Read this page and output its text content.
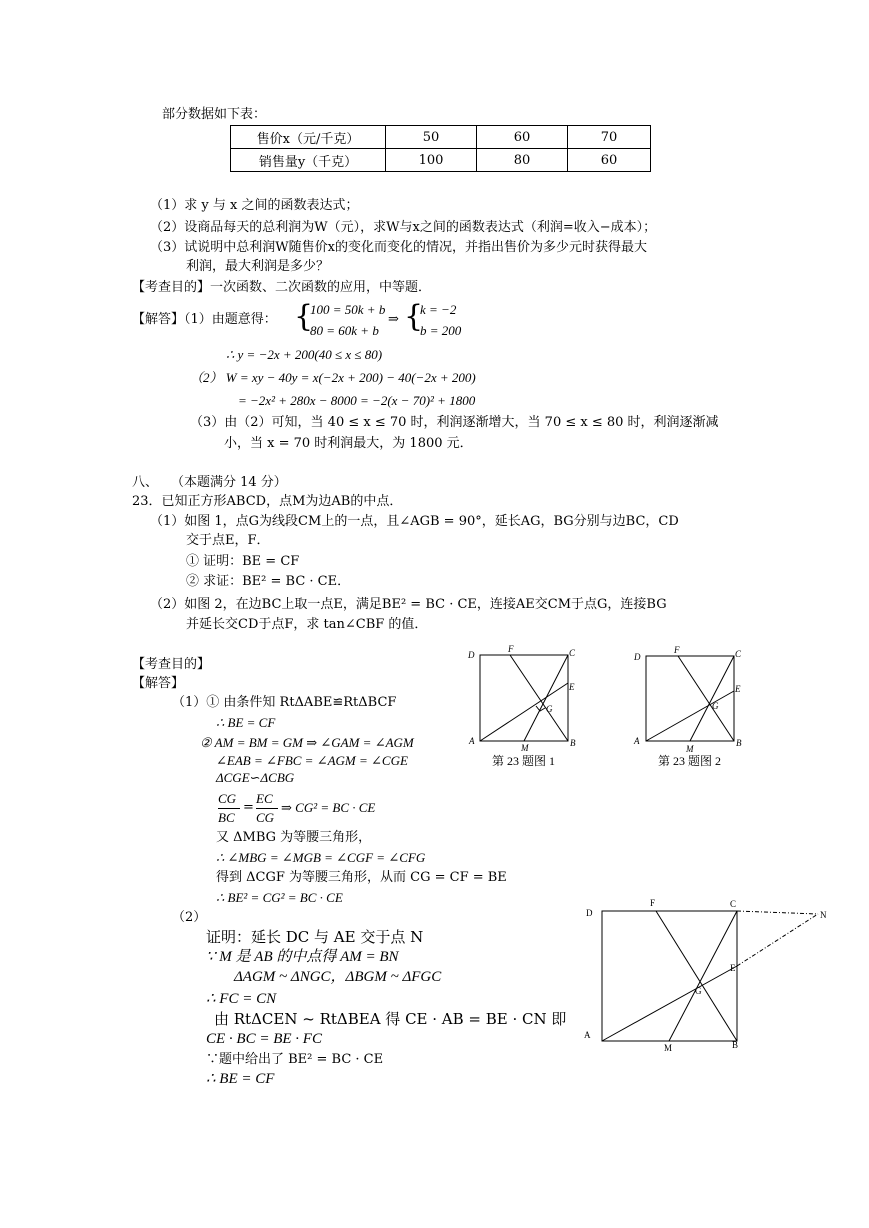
部分数据如下表：
售价x（元/千克）	50	60	70
销售量y（千克）	100	80	60
（1）求 y 与 x 之间的函数表达式；
（2）设商品每天的总利润为W（元），求W与x之间的函数表达式（利润=收入−成本）；
（3）试说明中总利润W随售价x的变化而变化的情况，并指出售价为多少元时获得最大
利润，最大利润是多少？
【考查目的】一次函数、二次函数的应用，中等题．
【解答】（1）由题意得： {
100 = 50k + b
80 = 60k + b
⇒ {
k = −2
b = 200
∴ y = −2x + 200(40 ≤ x ≤ 80)
（2） W = xy − 40y = x(−2x + 200) − 40(−2x + 200)
= −2x² + 280x − 8000 = −2(x − 70)² + 1800
（3）由（2）可知，当 40 ≤ x ≤ 70 时，利润逐渐增大，当 70 ≤ x ≤ 80 时，利润逐渐减
小，当 x = 70 时利润最大，为 1800 元．
八、　　（本题满分 14 分）
23．已知正方形ABCD，点M为边AB的中点．
（1）如图 1，点G为线段CM上的一点，且∠AGB = 90°，延长AG，BG分别与边BC，CD
交于点E，F．
① 证明：BE = CF
② 求证：BE² = BC · CE．
（2）如图 2，在边BC上取一点E，满足BE² = BC · CE，连接AE交CM于点G，连接BG
并延长交CD于点F，求 tan∠CBF 的值．
【考查目的】
【解答】
（1）① 由条件知 RtΔABE≌RtΔBCF
∴ BE = CF
② AM = BM = GM ⇒ ∠GAM = ∠AGM
∠EAB = ∠FBC = ∠AGM = ∠CGE
ΔCGE∽ΔCBG
CG
BC
=
EC
CG
⇒ CG² = BC · CE
又 ΔMBG 为等腰三角形，
∴ ∠MBG = ∠MGB = ∠CGF = ∠CFG
得到 ΔCGF 为等腰三角形，从而 CG = CF = BE
∴ BE² = CG² = BC · CE
（2）
证明：延长 DC 与 AE 交于点 N
∵ M 是 AB 的中点得 AM = BN
ΔAGM ~ ΔNGC，ΔBGM ~ ΔFGC
∴ FC = CN
由 RtΔCEN ~ RtΔBEA 得 CE · AB = BE · CN 即
CE · BC = BE · FC
∵题中给出了 BE² = BC · CE
∴ BE = CF
D
F	C
E
G
A
M	B
第 23 题图 1
D
F	C
E
G
A
M
B
第 23 题图 2
D
F	C
N
E
G
A
M	B
